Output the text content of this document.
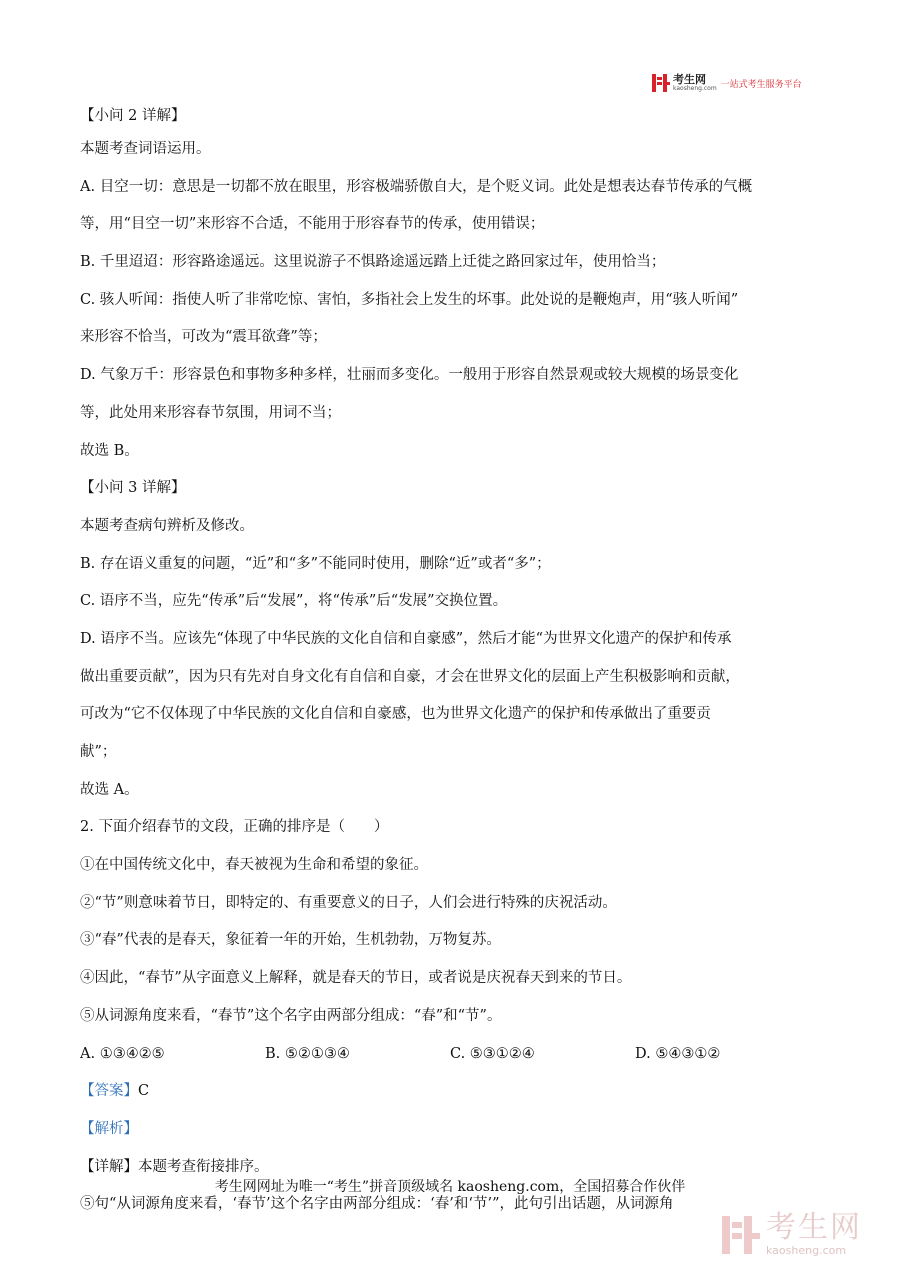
考生网
kaosheng.com 一站式考生服务平台
【小问 2 详解】
本题考查词语运用。
A. 目空一切：意思是一切都不放在眼里，形容极端骄傲自大，是个贬义词。此处是想表达春节传承的气概
等，用“目空一切”来形容不合适，不能用于形容春节的传承，使用错误；
B. 千里迢迢：形容路途遥远。这里说游子不惧路途遥远踏上迁徙之路回家过年，使用恰当；
C. 骇人听闻：指使人听了非常吃惊、害怕，多指社会上发生的坏事。此处说的是鞭炮声，用“骇人听闻”
来形容不恰当，可改为“震耳欲聋”等；
D. 气象万千：形容景色和事物多种多样，壮丽而多变化。一般用于形容自然景观或较大规模的场景变化
等，此处用来形容春节氛围，用词不当；
故选 B。
【小问 3 详解】
本题考查病句辨析及修改。
B. 存在语义重复的问题，“近”和“多”不能同时使用，删除“近”或者“多”；
C. 语序不当，应先“传承”后“发展”，将“传承”后“发展”交换位置。
D. 语序不当。应该先“体现了中华民族的文化自信和自豪感”，然后才能“为世界文化遗产的保护和传承
做出重要贡献”，因为只有先对自身文化有自信和自豪，才会在世界文化的层面上产生积极影响和贡献，
可改为“它不仅体现了中华民族的文化自信和自豪感，也为世界文化遗产的保护和传承做出了重要贡
献”；
故选 A。
2. 下面介绍春节的文段，正确的排序是（　　）
①在中国传统文化中，春天被视为生命和希望的象征。
②“节”则意味着节日，即特定的、有重要意义的日子，人们会进行特殊的庆祝活动。
③“春”代表的是春天，象征着一年的开始，生机勃勃，万物复苏。
④因此，“春节”从字面意义上解释，就是春天的节日，或者说是庆祝春天到来的节日。
⑤从词源角度来看，“春节”这个名字由两部分组成：“春”和“节”。
A. ①③④②⑤	B. ⑤②①③④	C. ⑤③①②④	D. ⑤④③①②
【答案】C
【解析】
【详解】本题考查衔接排序。
⑤句“从词源角度来看，‘春节’这个名字由两部分组成：‘春’和‘节’”，此句引出话题，从词源角
考生网网址为唯一“考生”拼音顶级域名 kaosheng.com，全国招募合作伙伴
考生网
kaosheng.com
